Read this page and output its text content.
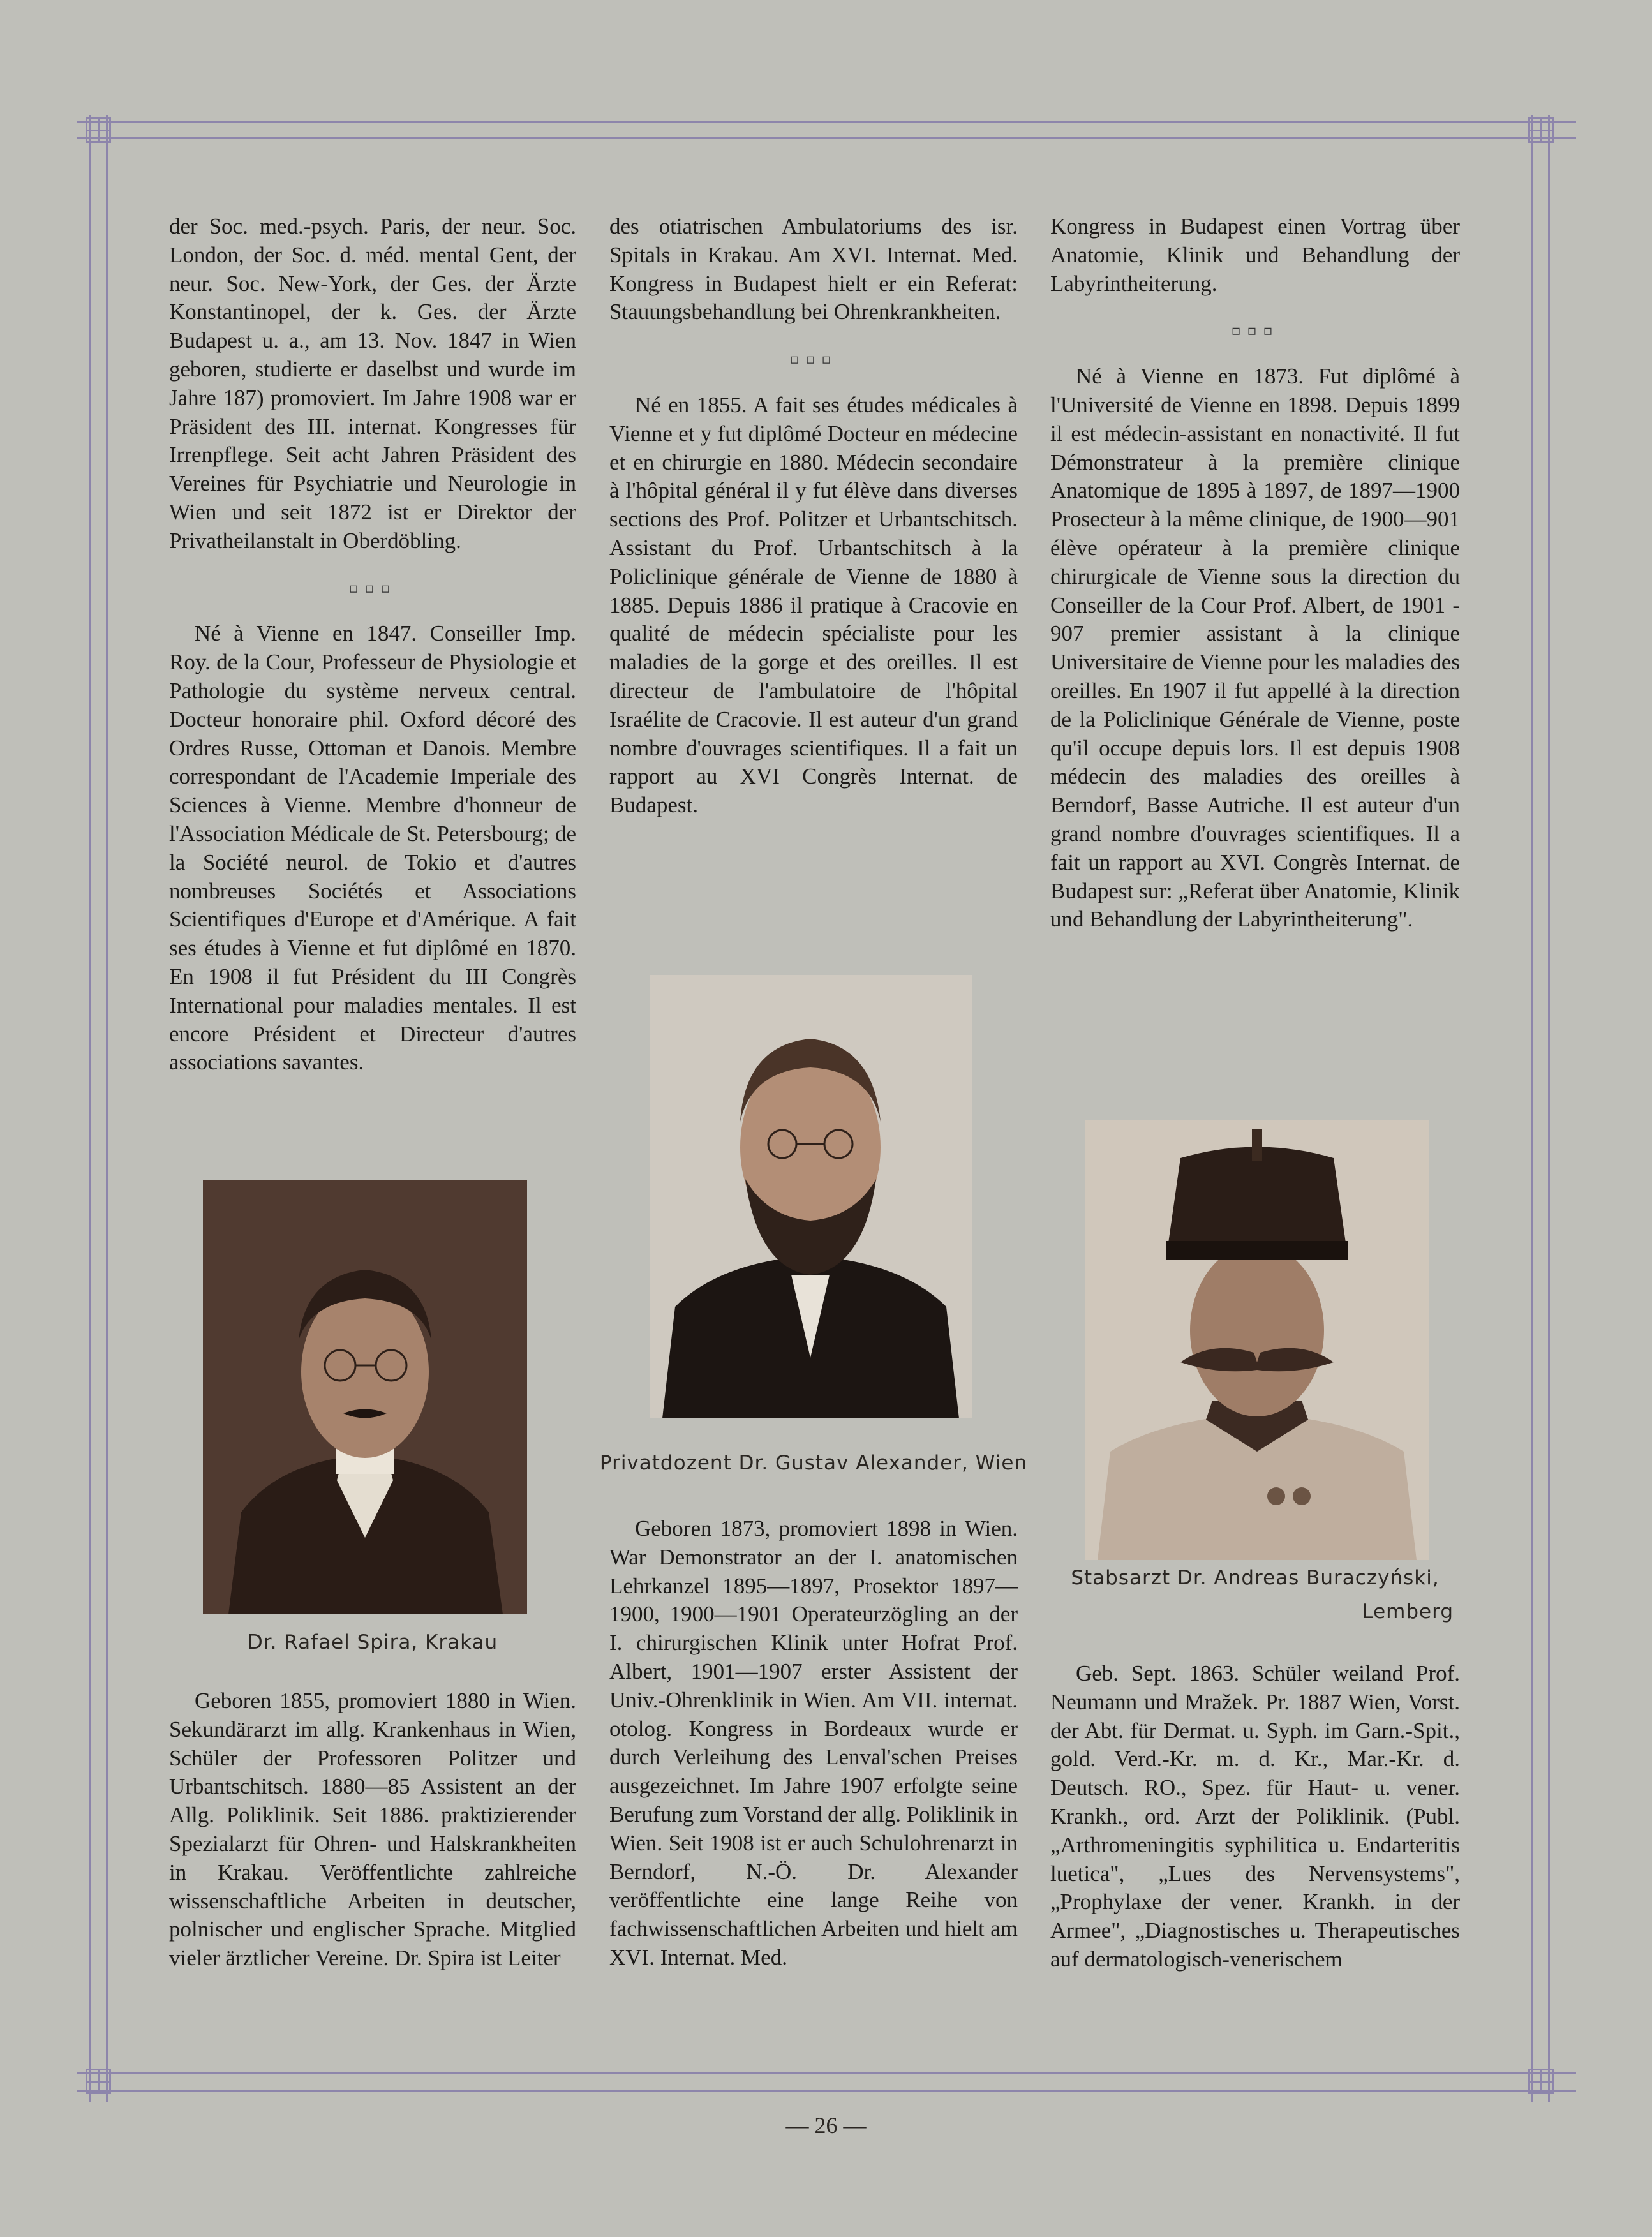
der Soc. med.-psych. Paris, der neur. Soc. London, der Soc. d. méd. mental Gent, der neur. Soc. New-York, der Ges. der Ärzte Konstantinopel, der k. Ges. der Ärzte Budapest u. a., am 13. Nov. 1847 in Wien geboren, studierte er daselbst und wurde im Jahre 187) promoviert. Im Jahre 1908 war er Präsident des III. internat. Kongresses für Irrenpflege. Seit acht Jahren Präsident des Vereines für Psychiatrie und Neurologie in Wien und seit 1872 ist er Direktor der Privatheilanstalt in Oberdöbling.

▫▫▫

Né à Vienne en 1847. Conseiller Imp. Roy. de la Cour, Professeur de Physiologie et Pathologie du système nerveux central. Docteur honoraire phil. Oxford décoré des Ordres Russe, Ottoman et Danois. Membre correspondant de l'Academie Imperiale des Sciences à Vienne. Membre d'honneur de l'Association Médicale de St. Petersbourg; de la Société neurol. de Tokio et d'autres nombreuses Sociétés et Associations Scientifiques d'Europe et d'Amérique. A fait ses études à Vienne et fut diplômé en 1870. En 1908 il fut Président du III Congrès International pour maladies mentales. Il est encore Président et Directeur d'autres associations savantes.

Dr. Rafael Spira, Krakau

Geboren 1855, promoviert 1880 in Wien. Sekundärarzt im allg. Krankenhaus in Wien, Schüler der Professoren Politzer und Urbantschitsch. 1880—85 Assistent an der Allg. Poliklinik. Seit 1886. praktizierender Spezialarzt für Ohren- und Halskrankheiten in Krakau. Veröffentlichte zahlreiche wissenschaftliche Arbeiten in deutscher, polnischer und englischer Sprache. Mitglied vieler ärztlicher Vereine. Dr. Spira ist Leiter

des otiatrischen Ambulatoriums des isr. Spitals in Krakau. Am XVI. Internat. Med. Kongress in Budapest hielt er ein Referat: Stauungsbehandlung bei Ohrenkrankheiten.

▫▫▫

Né en 1855. A fait ses études médicales à Vienne et y fut diplômé Docteur en médecine et en chirurgie en 1880. Médecin secondaire à l'hôpital général il y fut élève dans diverses sections des Prof. Politzer et Urbantschitsch. Assistant du Prof. Urbantschitsch à la Policlinique générale de Vienne de 1880 à 1885. Depuis 1886 il pratique à Cracovie en qualité de médecin spécialiste pour les maladies de la gorge et des oreilles. Il est directeur de l'ambulatoire de l'hôpital Israélite de Cracovie. Il est auteur d'un grand nombre d'ouvrages scientifiques. Il a fait un rapport au XVI Congrès Internat. de Budapest.

Privatdozent Dr. Gustav Alexander, Wien

Geboren 1873, promoviert 1898 in Wien. War Demonstrator an der I. anatomischen Lehrkanzel 1895—1897, Prosektor 1897—1900, 1900—1901 Operateurzögling an der I. chirurgischen Klinik unter Hofrat Prof. Albert, 1901—1907 erster Assistent der Univ.-Ohrenklinik in Wien. Am VII. internat. otolog. Kongress in Bordeaux wurde er durch Verleihung des Lenval'schen Preises ausgezeichnet. Im Jahre 1907 erfolgte seine Berufung zum Vorstand der allg. Poliklinik in Wien. Seit 1908 ist er auch Schulohrenarzt in Berndorf, N.-Ö. Dr. Alexander veröffentlichte eine lange Reihe von fachwissenschaftlichen Arbeiten und hielt am XVI. Internat. Med.

Kongress in Budapest einen Vortrag über Anatomie, Klinik und Behandlung der Labyrintheiterung.

▫▫▫

Né à Vienne en 1873. Fut diplômé à l'Université de Vienne en 1898. Depuis 1899 il est médecin-assistant en nonactivité. Il fut Démonstrateur à la première clinique Anatomique de 1895 à 1897, de 1897—1900 Prosecteur à la même clinique, de 1900—901 élève opérateur à la première clinique chirurgicale de Vienne sous la direction du Conseiller de la Cour Prof. Albert, de 1901 - 907 premier assistant à la clinique Universitaire de Vienne pour les maladies des oreilles. En 1907 il fut appellé à la direction de la Policlinique Générale de Vienne, poste qu'il occupe depuis lors. Il est depuis 1908 médecin des maladies des oreilles à Berndorf, Basse Autriche. Il est auteur d'un grand nombre d'ouvrages scientifiques. Il a fait un rapport au XVI. Congrès Internat. de Budapest sur: „Referat über Anatomie, Klinik und Behandlung der Labyrintheiterung".

Stabsarzt Dr. Andreas Buraczyński,
Lemberg

Geb. Sept. 1863. Schüler weiland Prof. Neumann und Mražek. Pr. 1887 Wien, Vorst. der Abt. für Dermat. u. Syph. im Garn.-Spit., gold. Verd.-Kr. m. d. Kr., Mar.-Kr. d. Deutsch. RO., Spez. für Haut- u. vener. Krankh., ord. Arzt der Poliklinik. (Publ. „Arthromeningitis syphilitica u. Endarteritis luetica", „Lues des Nervensystems", „Prophylaxe der vener. Krankh. in der Armee", „Diagnostisches u. Therapeutisches auf dermatologisch-venerischem

— 26 —
